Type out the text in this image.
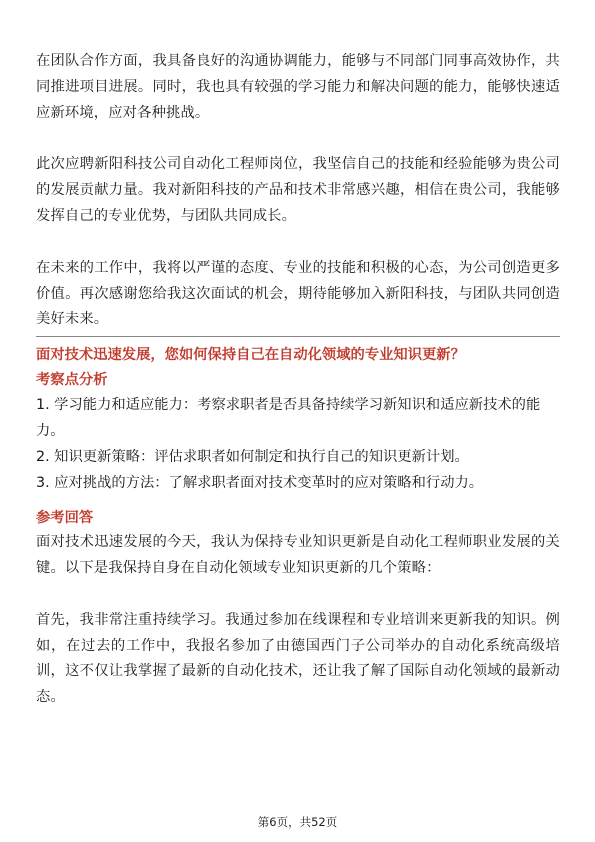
在团队合作方面，我具备良好的沟通协调能力，能够与不同部门同事高效协作，共同推进项目进展。同时，我也具有较强的学习能力和解决问题的能力，能够快速适应新环境，应对各种挑战。

此次应聘新阳科技公司自动化工程师岗位，我坚信自己的技能和经验能够为贵公司的发展贡献力量。我对新阳科技的产品和技术非常感兴趣，相信在贵公司，我能够发挥自己的专业优势，与团队共同成长。

在未来的工作中，我将以严谨的态度、专业的技能和积极的心态，为公司创造更多价值。再次感谢您给我这次面试的机会，期待能够加入新阳科技，与团队共同创造美好未来。

面对技术迅速发展，您如何保持自己在自动化领域的专业知识更新？

考察点分析

1. 学习能力和适应能力：考察求职者是否具备持续学习新知识和适应新技术的能力。

2. 知识更新策略：评估求职者如何制定和执行自己的知识更新计划。

3. 应对挑战的方法：了解求职者面对技术变革时的应对策略和行动力。

参考回答

面对技术迅速发展的今天，我认为保持专业知识更新是自动化工程师职业发展的关键。以下是我保持自身在自动化领域专业知识更新的几个策略：

首先，我非常注重持续学习。我通过参加在线课程和专业培训来更新我的知识。例如，在过去的工作中，我报名参加了由德国西门子公司举办的自动化系统高级培训，这不仅让我掌握了最新的自动化技术，还让我了解了国际自动化领域的最新动态。

第6页，共52页
